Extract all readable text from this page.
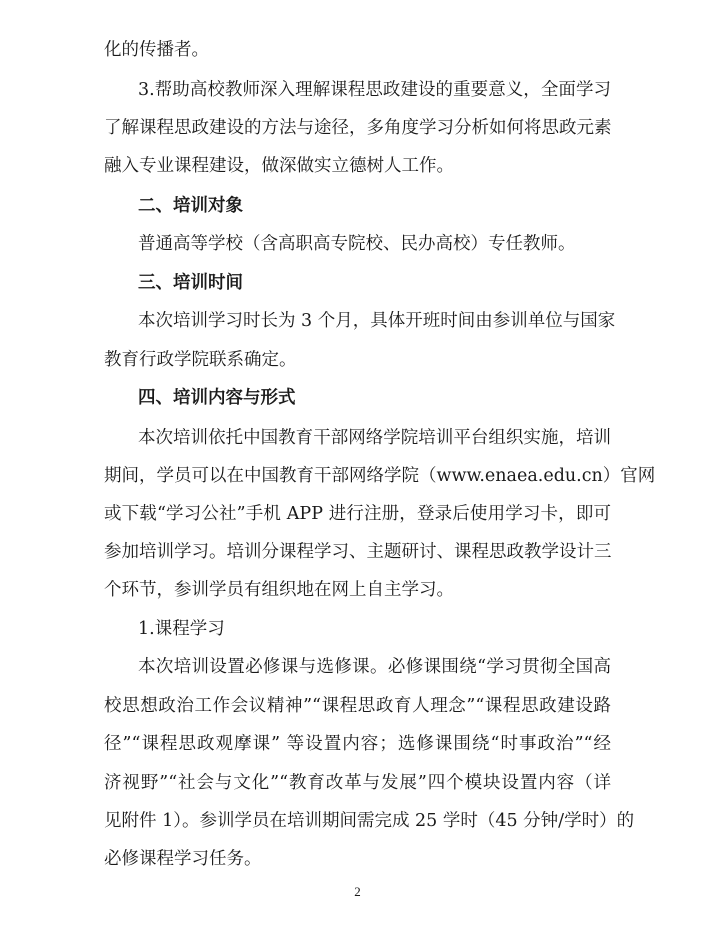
化的传播者。
3.帮助高校教师深入理解课程思政建设的重要意义，全面学习
了解课程思政建设的方法与途径，多角度学习分析如何将思政元素
融入专业课程建设，做深做实立德树人工作。
二、培训对象
普通高等学校（含高职高专院校、民办高校）专任教师。
三、培训时间
本次培训学习时长为 3 个月，具体开班时间由参训单位与国家
教育行政学院联系确定。
四、培训内容与形式
本次培训依托中国教育干部网络学院培训平台组织实施，培训
期间，学员可以在中国教育干部网络学院（www.enaea.edu.cn）官网
或下载“学习公社”手机 APP 进行注册，登录后使用学习卡，即可
参加培训学习。培训分课程学习、主题研讨、课程思政教学设计三
个环节，参训学员有组织地在网上自主学习。
1.课程学习
本次培训设置必修课与选修课。必修课围绕“学习贯彻全国高
校思想政治工作会议精神”“课程思政育人理念”“课程思政建设路
径”“课程思政观摩课” 等设置内容；选修课围绕“时事政治”“经
济视野”“社会与文化”“教育改革与发展”四个模块设置内容（详
见附件 1）。参训学员在培训期间需完成 25 学时（45 分钟/学时）的
必修课程学习任务。
2
